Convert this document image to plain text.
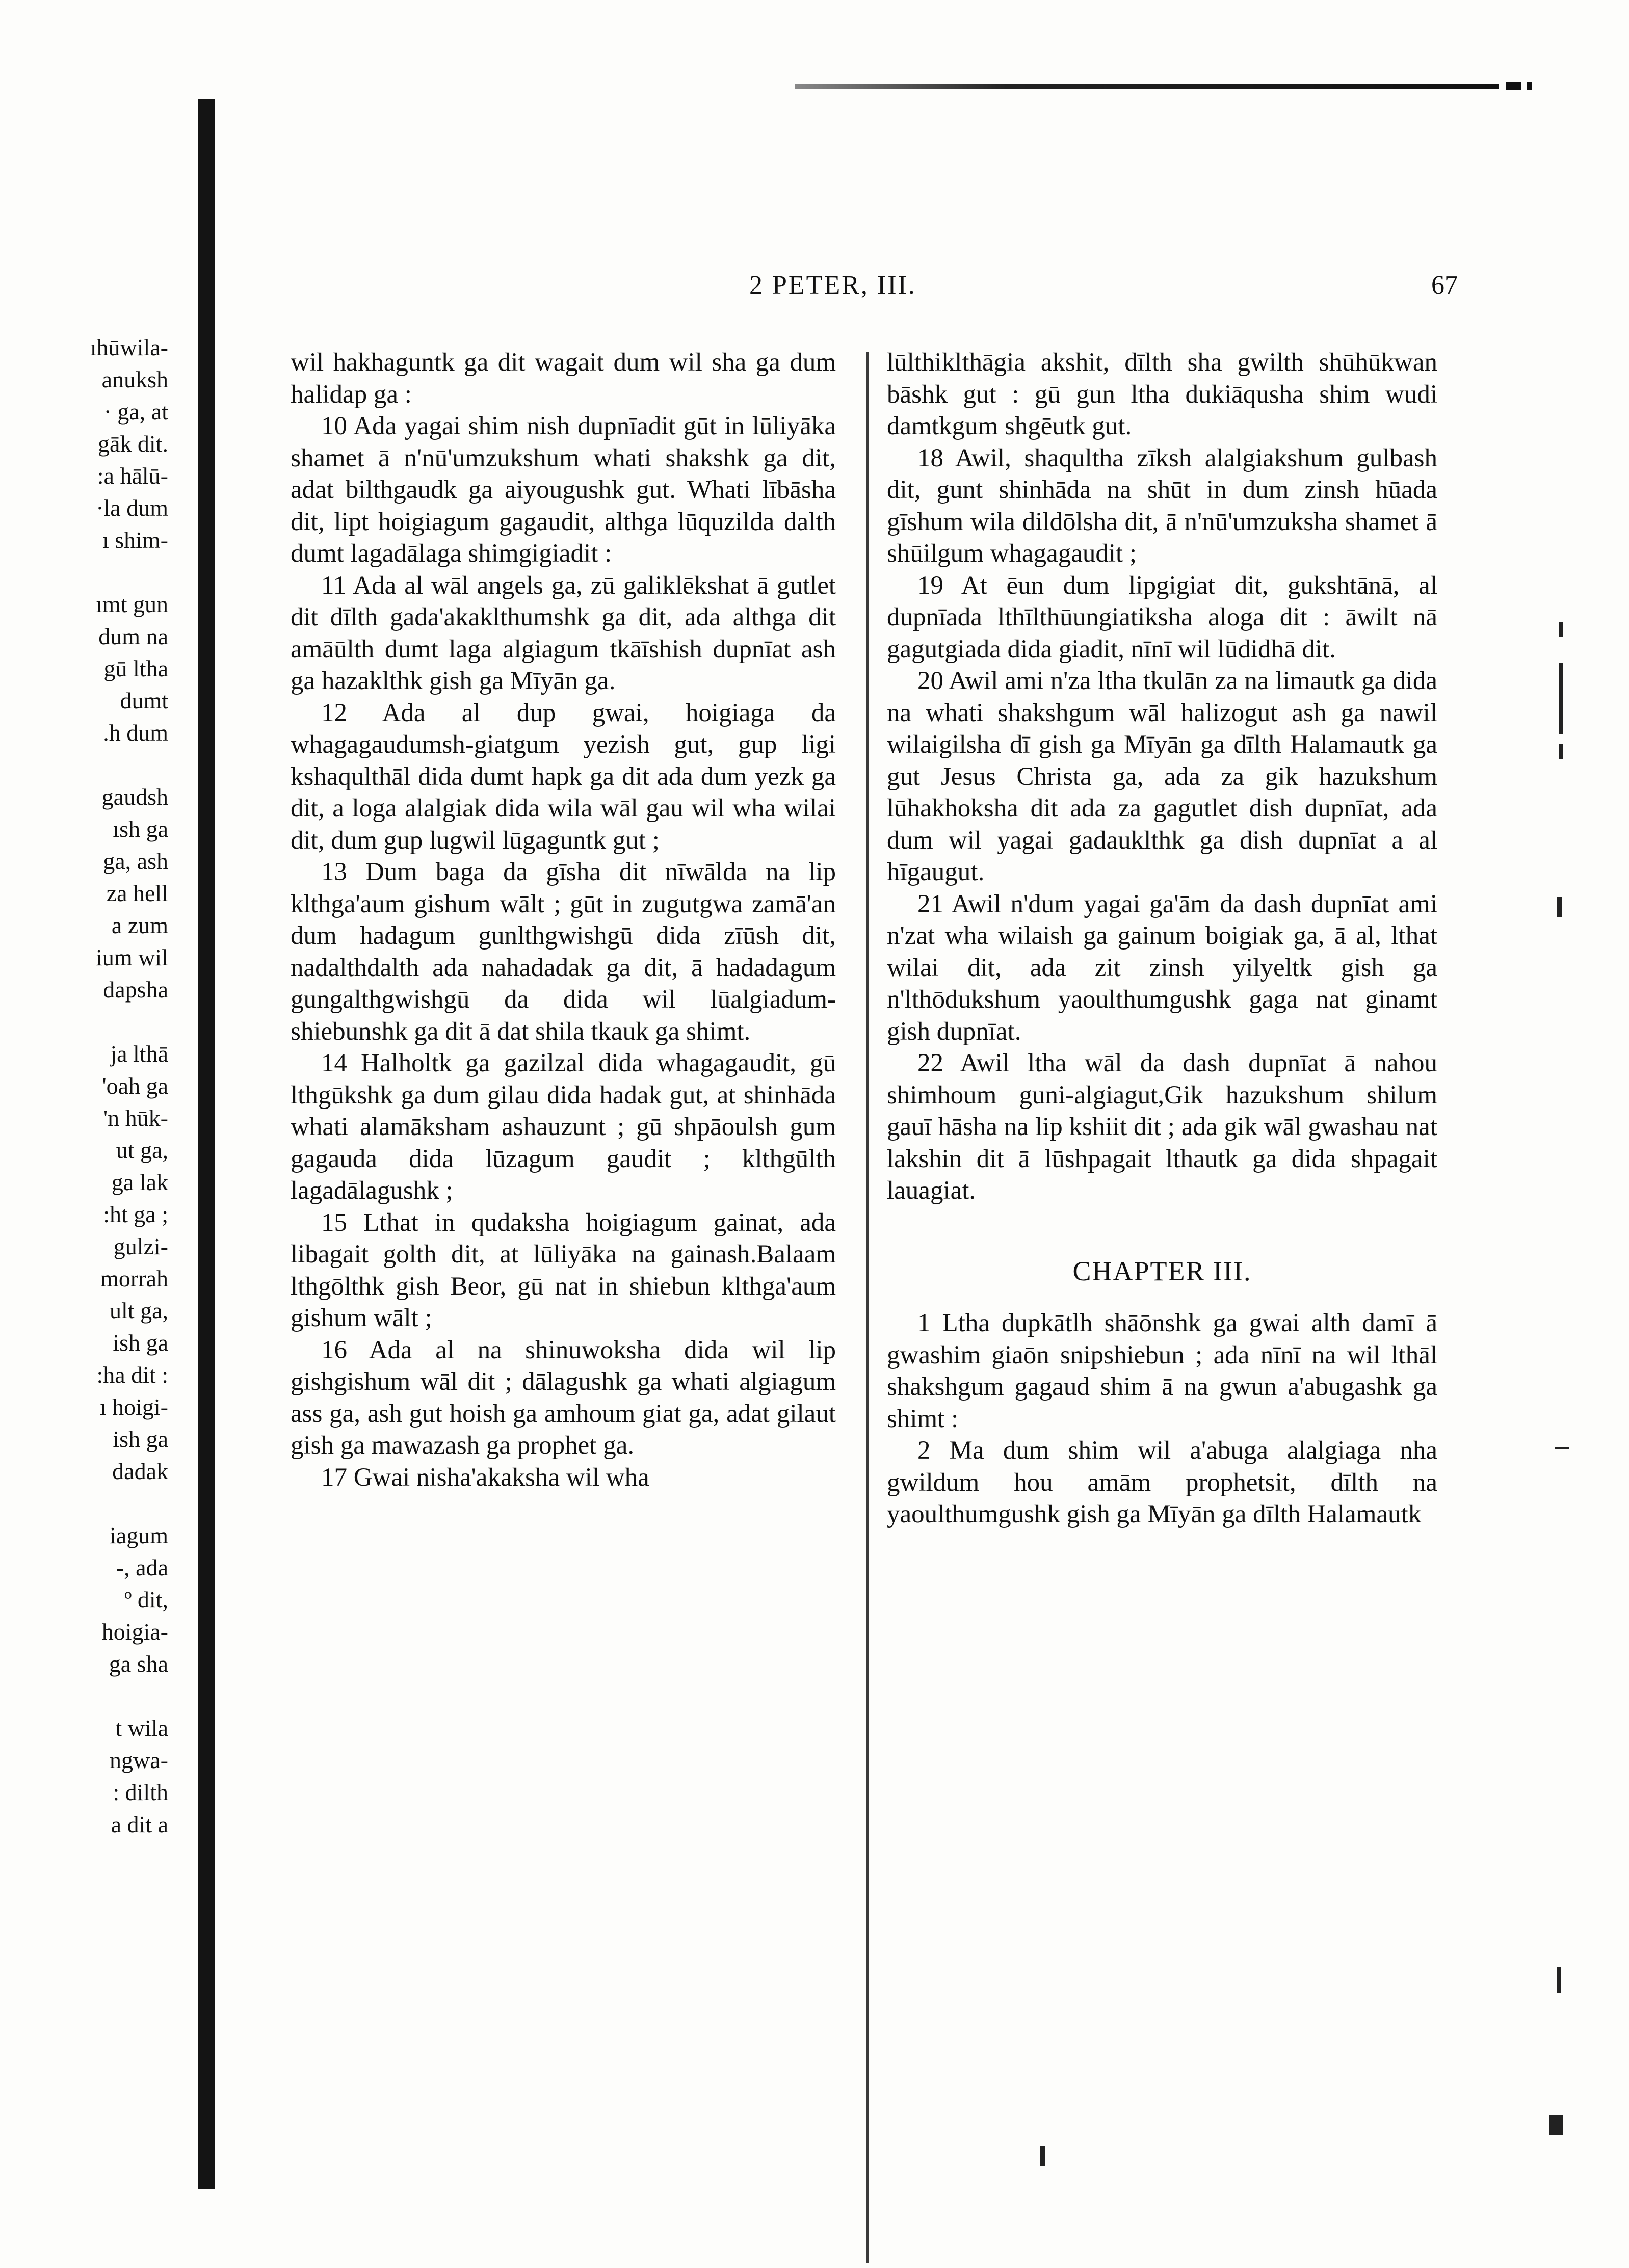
ıhūwila-
anuksh
· ga, at
gāk dit.
:a hālū-
·la dum
ı shim-
ımt gun
dum na
gū ltha
dumt
.h dum
gaudsh
ısh ga
ga, ash
za hell
a zum
ium wil
dapsha
ja lthā
'oah ga
'n hūk-
ut ga,
ga lak
:ht ga ;
gulzi-
morrah
ult ga,
ish ga
:ha dit :
ı hoigi-
ish ga
dadak
iagum
-, ada
º dit,
hoigia-
ga sha
t wila
ngwa-
: dilth
a dit a
2 PETER, III.	67

wil hakhaguntk ga dit wagait dum wil sha ga dum halidap ga :

10 Ada yagai shim nish dupnīadit gūt in lūliyāka shamet ā n'nū'umzukshum whati shakshk ga dit, adat bilthgaudk ga aiyougushk gut. Whati lībāsha dit, lipt hoigiagum gagaudit, althga lūquzilda dalth dumt lagadālaga shimgigiadit :

11 Ada al wāl angels ga, zū galiklēkshat ā gutlet dit dīlth gada'akaklthumshk ga dit, ada althga dit amāūlth dumt laga algiagum tkāīshish dupnīat ash ga hazaklthk gish ga Mīyān ga.

12 Ada al dup gwai, hoigiaga da whagagaudumsh-giatgum yezish gut, gup ligi kshaqulthāl dida dumt hapk ga dit ada dum yezk ga dit, a loga alalgiak dida wila wāl gau wil wha wilai dit, dum gup lugwil lūgaguntk gut ;

13 Dum baga da gīsha dit nīwālda na lip klthga'aum gishum wālt ; gūt in zugutgwa zamā'an dum hadagum gunlthgwishgū dida zīūsh dit, nadalthdalth ada nahadadak ga dit, ā hadadagum gungalthgwishgū da dida wil lūalgiadum-shiebunshk ga dit ā dat shila tkauk ga shimt.

14 Halholtk ga gazilzal dida whagagaudit, gū lthgūkshk ga dum gilau dida hadak gut, at shinhāda whati alamāksham ashauzunt ; gū shpāoulsh gum gagauda dida lūzagum gaudit ; klthgūlth lagadālagushk ;

15 Lthat in qudaksha hoigiagum gainat, ada libagait golth dit, at lūliyāka na gainash.Balaam lthgōlthk gish Beor, gū nat in shiebun klthga'aum gishum wālt ;

16 Ada al na shinuwoksha dida wil lip gishgishum wāl dit ; dālagushk ga whati algiagum ass ga, ash gut hoish ga amhoum giat ga, adat gilaut gish ga mawazash ga prophet ga.

17 Gwai nisha'akaksha wil wha

lūlthiklthāgia akshit, dīlth sha gwilth shūhūkwan bāshk gut : gū gun ltha dukiāqusha shim wudi damtkgum shgēutk gut.

18 Awil, shaqultha zīksh alalgiakshum gulbash dit, gunt shinhāda na shūt in dum zinsh hūada gīshum wila dildōlsha dit, ā n'nū'umzuksha shamet ā shūilgum whagagaudit ;

19 At ēun dum lipgigiat dit, gukshtānā, al dupnīada lthīlthūungiatiksha aloga dit : āwilt nā gagutgiada dida giadit, nīnī wil lūdidhā dit.

20 Awil ami n'za ltha tkulān za na limautk ga dida na whati shakshgum wāl halizogut ash ga nawil wilaigilsha dī gish ga Mīyān ga dīlth Halamautk ga gut Jesus Christa ga, ada za gik hazukshum lūhakhoksha dit ada za gagutlet dish dupnīat, ada dum wil yagai gadauklthk ga dish dupnīat a al hīgaugut.

21 Awil n'dum yagai ga'ām da dash dupnīat ami n'zat wha wilaish ga gainum boigiak ga, ā al, lthat wilai dit, ada zit zinsh yilyeltk gish ga n'lthōdukshum yaoulthumgushk gaga nat ginamt gish dupnīat.

22 Awil ltha wāl da dash dupnīat ā nahou shimhoum guni-algiagut,Gik hazukshum shilum gauī hāsha na lip kshiit dit ; ada gik wāl gwashau nat lakshin dit ā lūshpagait lthautk ga dida shpagait lauagiat.

CHAPTER III.

1 Ltha dupkātlh shāōnshk ga gwai alth damī ā gwashim giaōn snipshiebun ; ada nīnī na wil lthāl shakshgum gagaud shim ā na gwun a'abugashk ga shimt :

2 Ma dum shim wil a'abuga alalgiaga nha gwildum hou amām prophetsit, dīlth na yaoulthumgushk gish ga Mīyān ga dīlth Halamautk
